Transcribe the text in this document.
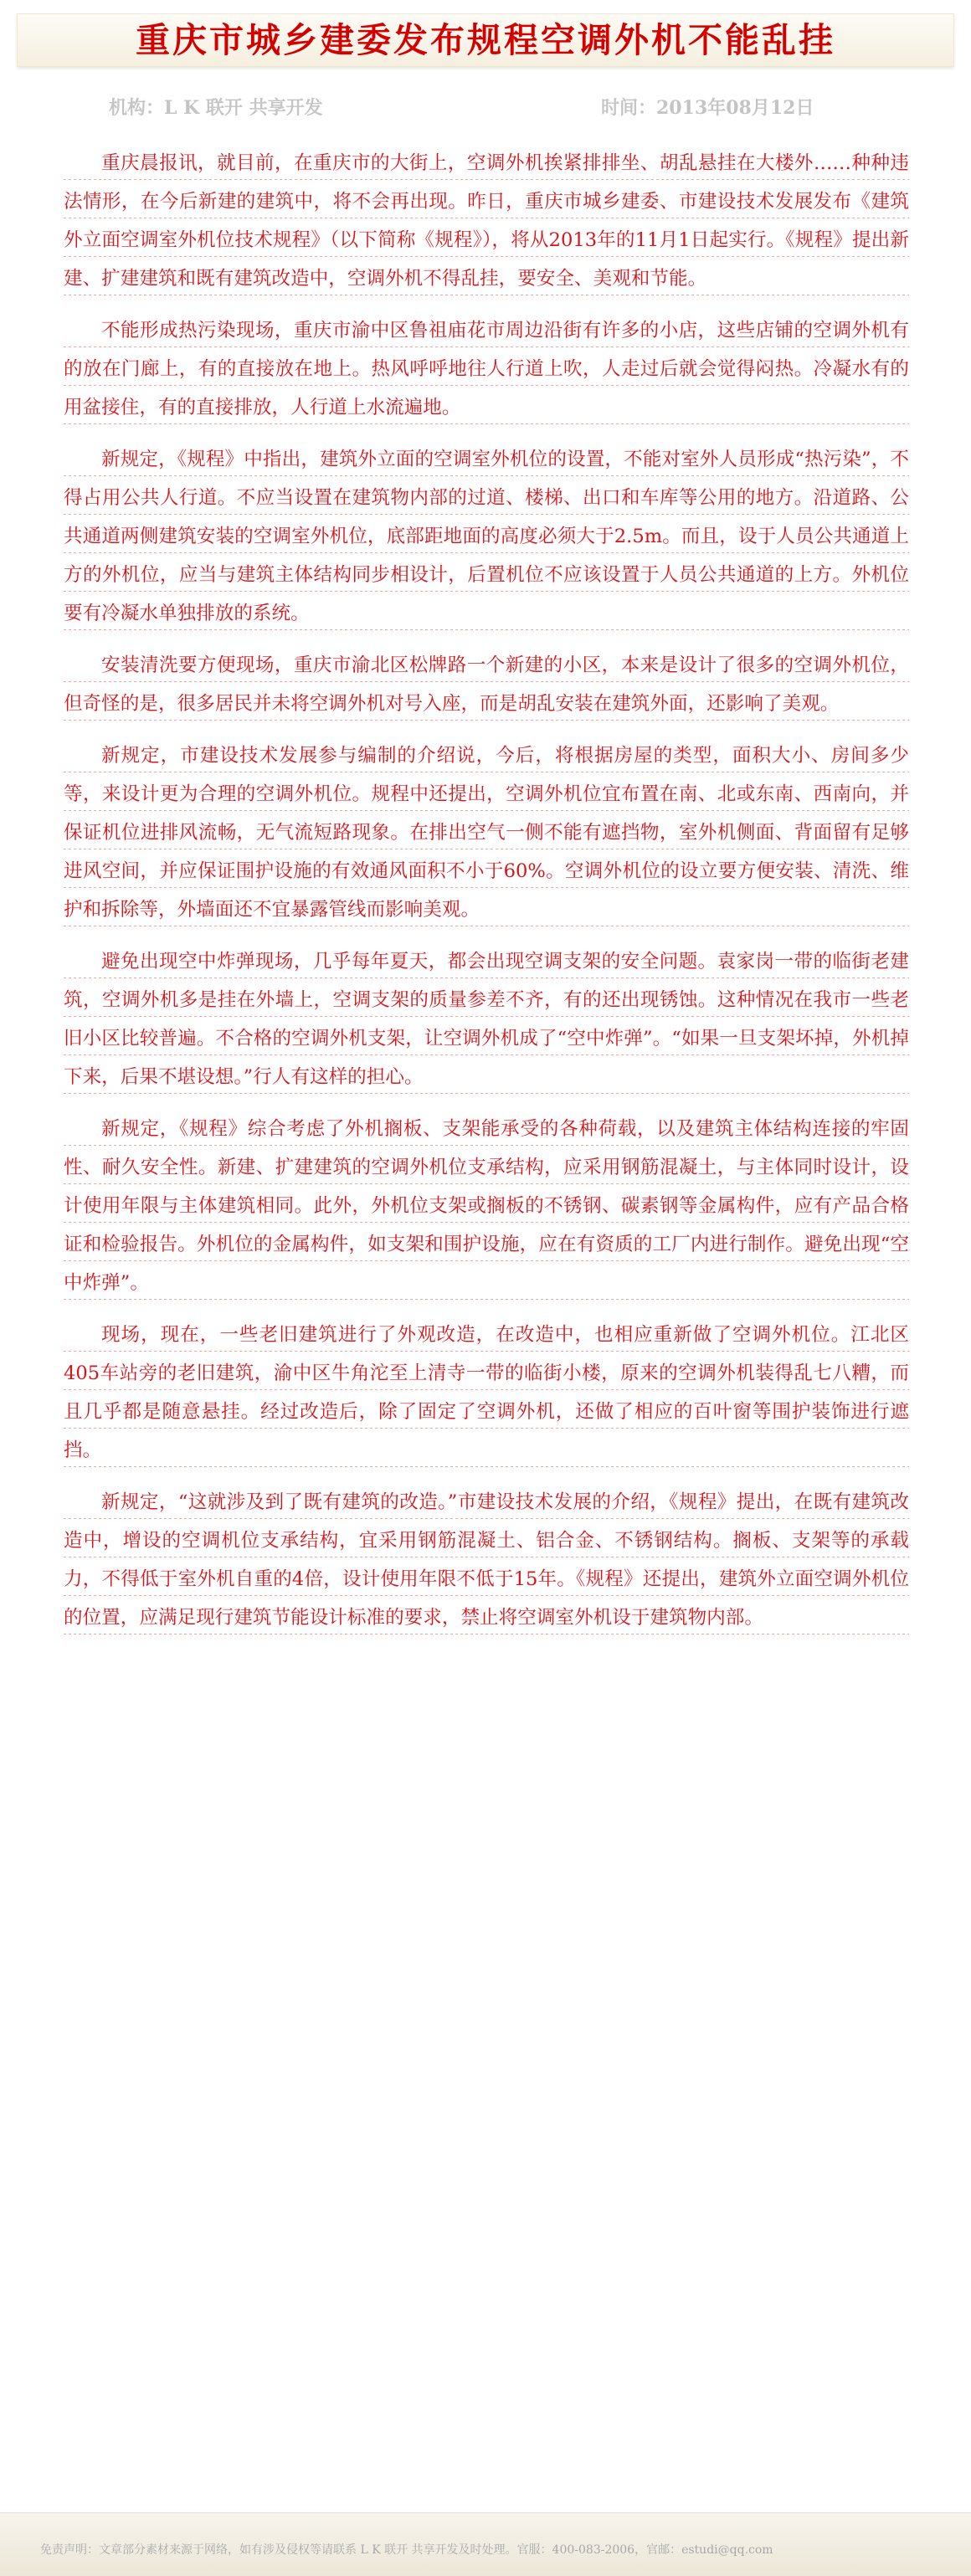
重庆市城乡建委发布规程空调外机不能乱挂
机构：L K 联开 共享开发	时间：2013年08月12日

重庆晨报讯，就目前，在重庆市的大街上，空调外机挨紧排排坐、胡乱悬挂在大楼外……种种违法情形，在今后新建的建筑中，将不会再出现。昨日，重庆市城乡建委、市建设技术发展发布《建筑外立面空调室外机位技术规程》（以下简称《规程》），将从2013年的11月1日起实行。《规程》提出新建、扩建建筑和既有建筑改造中，空调外机不得乱挂，要安全、美观和节能。

不能形成热污染现场，重庆市渝中区鲁祖庙花市周边沿街有许多的小店，这些店铺的空调外机有的放在门廊上，有的直接放在地上。热风呼呼地往人行道上吹，人走过后就会觉得闷热。冷凝水有的用盆接住，有的直接排放，人行道上水流遍地。

新规定，《规程》中指出，建筑外立面的空调室外机位的设置，不能对室外人员形成“热污染”，不得占用公共人行道。不应当设置在建筑物内部的过道、楼梯、出口和车库等公用的地方。沿道路、公共通道两侧建筑安装的空调室外机位，底部距地面的高度必须大于2.5m。而且，设于人员公共通道上方的外机位，应当与建筑主体结构同步相设计，后置机位不应该设置于人员公共通道的上方。外机位要有冷凝水单独排放的系统。

安装清洗要方便现场，重庆市渝北区松牌路一个新建的小区，本来是设计了很多的空调外机位，但奇怪的是，很多居民并未将空调外机对号入座，而是胡乱安装在建筑外面，还影响了美观。

新规定，市建设技术发展参与编制的介绍说，今后，将根据房屋的类型，面积大小、房间多少等，来设计更为合理的空调外机位。规程中还提出，空调外机位宜布置在南、北或东南、西南向，并保证机位进排风流畅，无气流短路现象。在排出空气一侧不能有遮挡物，室外机侧面、背面留有足够进风空间，并应保证围护设施的有效通风面积不小于60%。空调外机位的设立要方便安装、清洗、维护和拆除等，外墙面还不宜暴露管线而影响美观。

避免出现空中炸弹现场，几乎每年夏天，都会出现空调支架的安全问题。袁家岗一带的临街老建筑，空调外机多是挂在外墙上，空调支架的质量参差不齐，有的还出现锈蚀。这种情况在我市一些老旧小区比较普遍。不合格的空调外机支架，让空调外机成了“空中炸弹”。“如果一旦支架坏掉，外机掉下来，后果不堪设想。”行人有这样的担心。

新规定，《规程》综合考虑了外机搁板、支架能承受的各种荷载，以及建筑主体结构连接的牢固性、耐久安全性。新建、扩建建筑的空调外机位支承结构，应采用钢筋混凝土，与主体同时设计，设计使用年限与主体建筑相同。此外，外机位支架或搁板的不锈钢、碳素钢等金属构件，应有产品合格证和检验报告。外机位的金属构件，如支架和围护设施，应在有资质的工厂内进行制作。避免出现“空中炸弹”。

现场，现在，一些老旧建筑进行了外观改造，在改造中，也相应重新做了空调外机位。江北区405车站旁的老旧建筑，渝中区牛角沱至上清寺一带的临街小楼，原来的空调外机装得乱七八糟，而且几乎都是随意悬挂。经过改造后，除了固定了空调外机，还做了相应的百叶窗等围护装饰进行遮挡。

新规定，“这就涉及到了既有建筑的改造。”市建设技术发展的介绍，《规程》提出，在既有建筑改造中，增设的空调机位支承结构，宜采用钢筋混凝土、铝合金、不锈钢结构。搁板、支架等的承载力，不得低于室外机自重的4倍，设计使用年限不低于15年。《规程》还提出，建筑外立面空调外机位的位置，应满足现行建筑节能设计标准的要求，禁止将空调室外机设于建筑物内部。

免责声明：文章部分素材来源于网络，如有涉及侵权等请联系 L K 联开 共享开发及时处理。官服：400-083-2006，官邮：estudi@qq.com
